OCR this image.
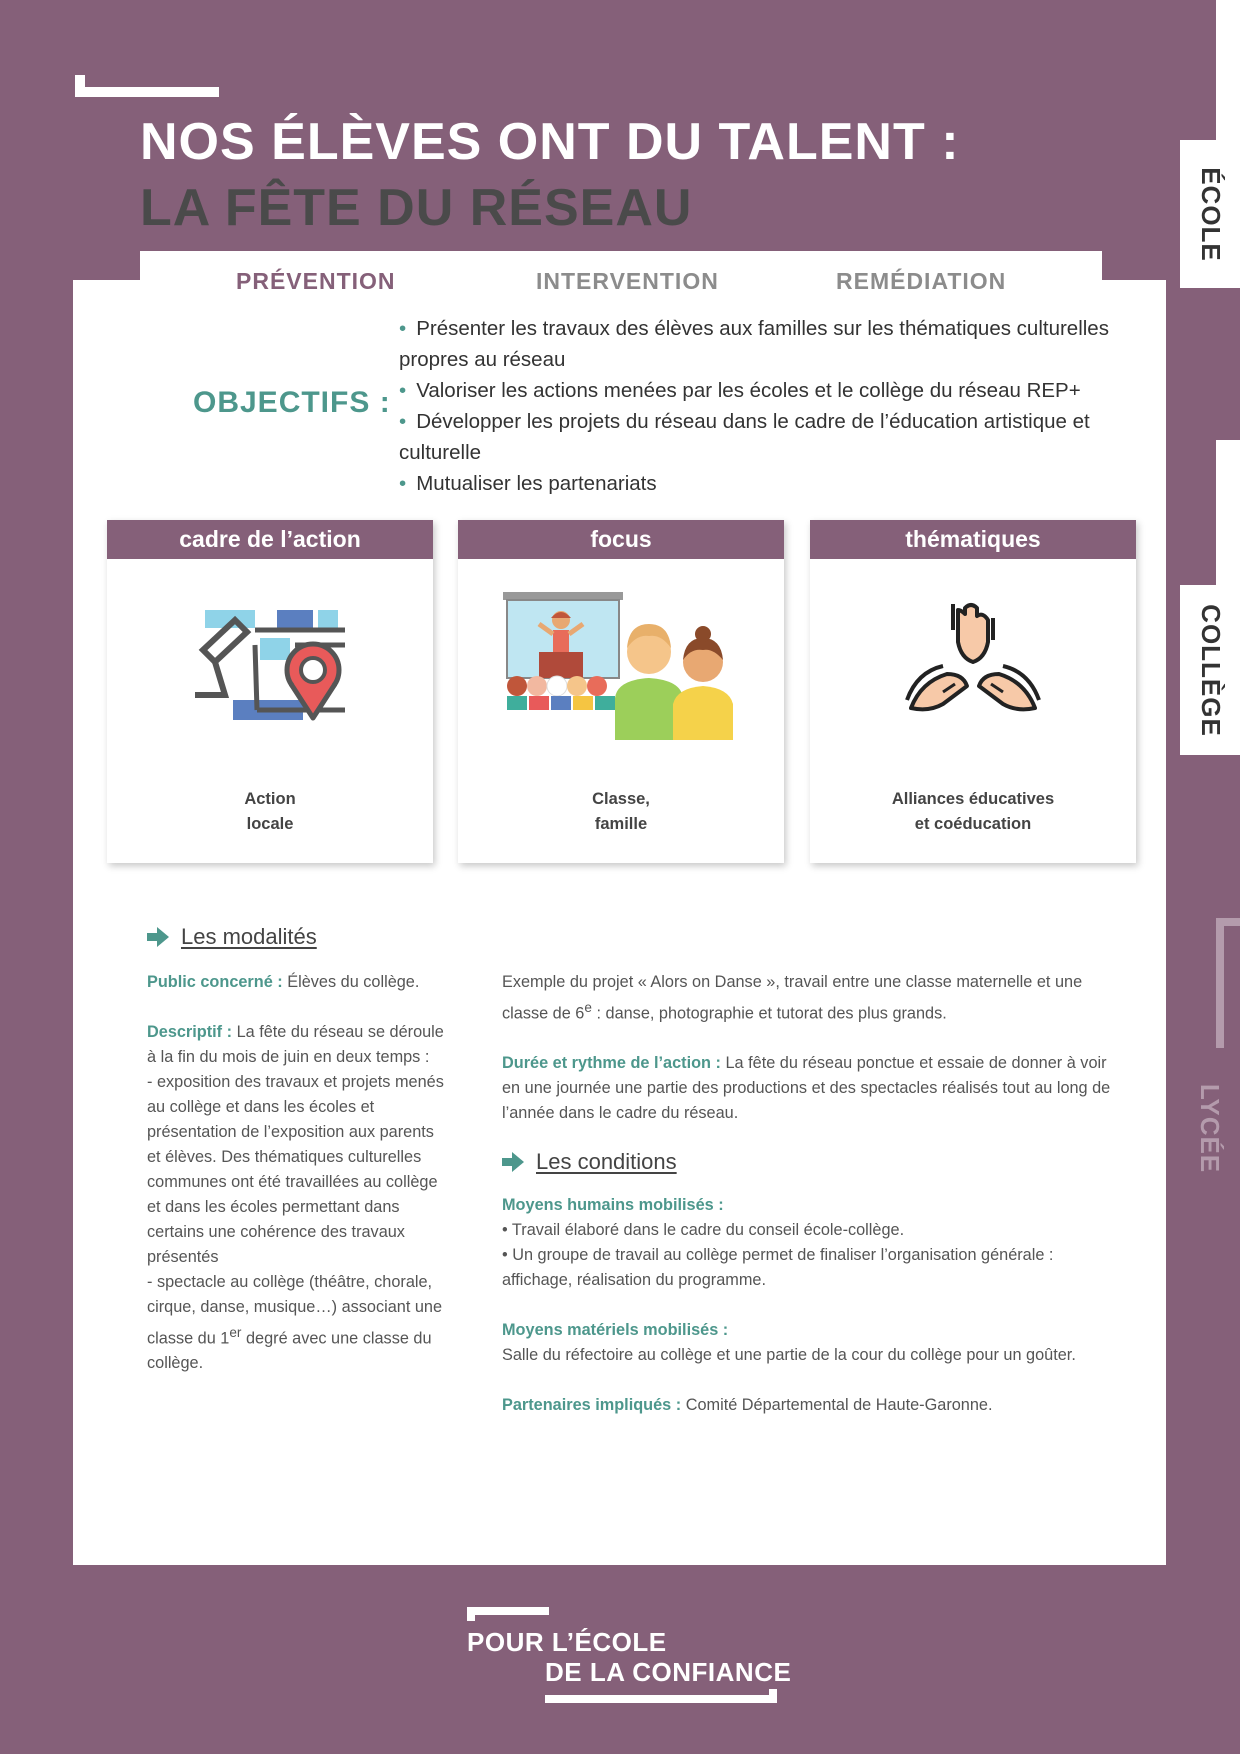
NOS ÉLÈVES ONT DU TALENT :
LA FÊTE DU RÉSEAU	ÉCOLE
COLLÈGE
LYCÉE
PRÉVENTION	INTERVENTION	REMÉDIATION
OBJECTIFS :
• Présenter les travaux des élèves aux familles sur les thématiques culturelles propres au réseau
• Valoriser les actions menées par les écoles et le collège du réseau REP+
• Développer les projets du réseau dans le cadre de l’éducation artistique et culturelle
• Mutualiser les partenariats
cadre de l’action
Action
locale
focus
Classe,
famille
thématiques
Alliances éducatives
et coéducation
Les modalités

Public concerné : Élèves du collège.

Descriptif : La fête du réseau se déroule à la fin du mois de juin en deux temps :

- exposition des travaux et projets menés au collège et dans les écoles et présentation de l’exposition aux parents et élèves. Des thématiques culturelles communes ont été travaillées au collège et dans les écoles permettant dans certains une cohérence des travaux présentés

- spectacle au collège (théâtre, chorale, cirque, danse, musique…) associant une classe du 1er degré avec une classe du collège.

Exemple du projet « Alors on Danse », travail entre une classe maternelle et une classe de 6e : danse, photographie et tutorat des plus grands.

Durée et rythme de l’action : La fête du réseau ponctue et essaie de donner à voir en une journée une partie des productions et des spectacles réalisés tout au long de l’année dans le cadre du réseau.

Les conditions

Moyens humains mobilisés :

• Travail élaboré dans le cadre du conseil école-collège.

• Un groupe de travail au collège permet de finaliser l’organisation générale : affichage, réalisation du programme.

Moyens matériels mobilisés :

Salle du réfectoire au collège et une partie de la cour du collège pour un goûter.

Partenaires impliqués : Comité Départemental de Haute-Garonne.

POUR L’ÉCOLE
DE LA CONFIANCE
